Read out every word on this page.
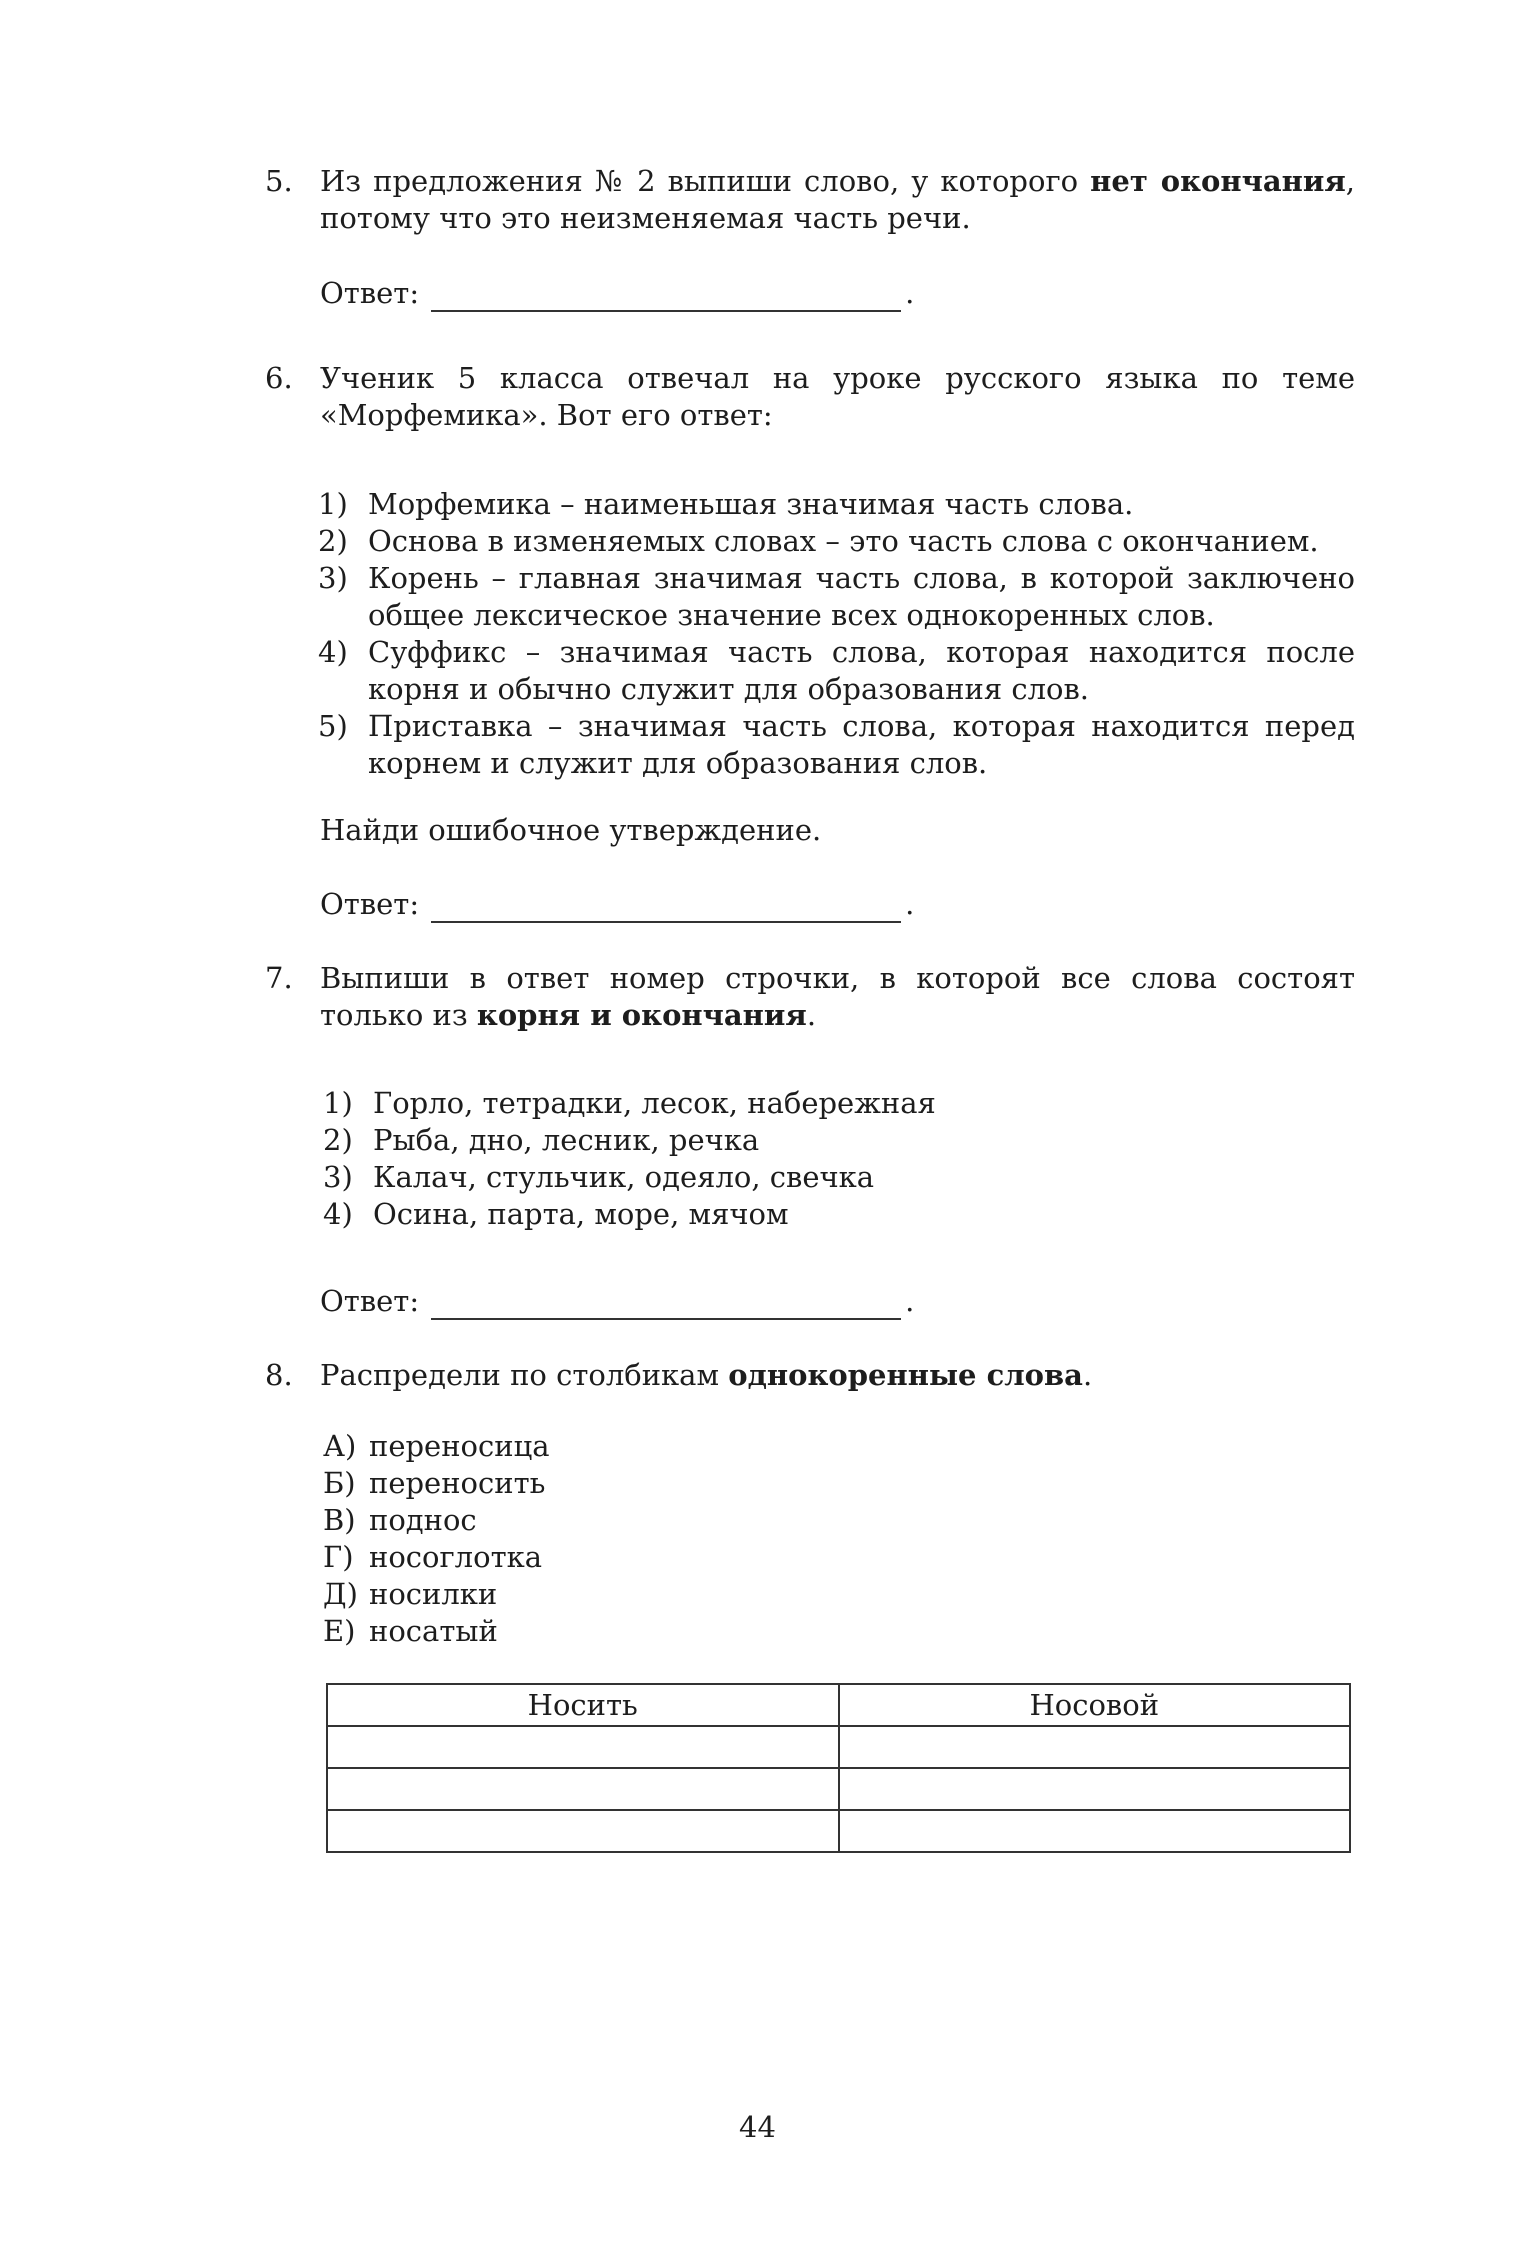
5. Из предложения № 2 выпиши слово, у которого нет окончания, потому что это неизменяемая часть речи.
Ответ:	.
6. Ученик 5 класса отвечал на уроке русского языка по теме «Морфемика». Вот его ответ:
1) Морфемика – наименьшая значимая часть слова.
2) Основа в изменяемых словах – это часть слова с окончанием.
3) Корень – главная значимая часть слова, в которой заключено общее лексическое значение всех однокоренных слов.
4) Суффикс – значимая часть слова, которая находится после корня и обычно служит для образования слов.
5) Приставка – значимая часть слова, которая находится перед корнем и служит для образования слов.
Найди ошибочное утверждение.
Ответ:	.
7. Выпиши в ответ номер строчки, в которой все слова состоят только из корня и окончания.
1) Горло, тетрадки, лесок, набережная
2) Рыба, дно, лесник, речка
3) Калач, стульчик, одеяло, свечка
4) Осина, парта, море, мячом
Ответ:	.
8. Распредели по столбикам однокоренные слова.
А) переносица
Б) переносить
В) поднос
Г) носоглотка
Д) носилки
Е) носатый
Носить	Носовой

44
